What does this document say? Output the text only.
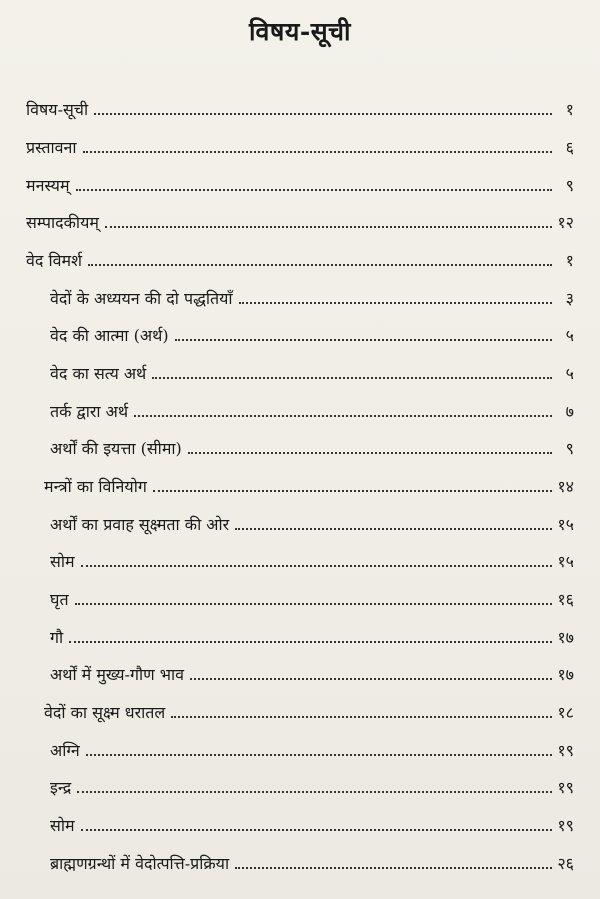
विषय-सूची
विषय-सूची	१
प्रस्तावना	६
मनस्यम्	९
सम्पादकीयम्	१२
वेद विमर्श	१
वेदों के अध्ययन की दो पद्धतियाँ	३
वेद की आत्मा (अर्थ)	५
वेद का सत्य अर्थ	५
तर्क द्वारा अर्थ	७
अर्थों की इयत्ता (सीमा)	९
मन्त्रों का विनियोग	१४
अर्थों का प्रवाह सूक्ष्मता की ओर	१५
सोम	१५
घृत	१६
गौ	१७
अर्थों में मुख्य-गौण भाव	१७
वेदों का सूक्ष्म धरातल	१८
अग्नि	१९
इन्द्र	१९
सोम	१९
ब्राह्मणग्रन्थों में वेदोत्पत्ति-प्रक्रिया	२६
